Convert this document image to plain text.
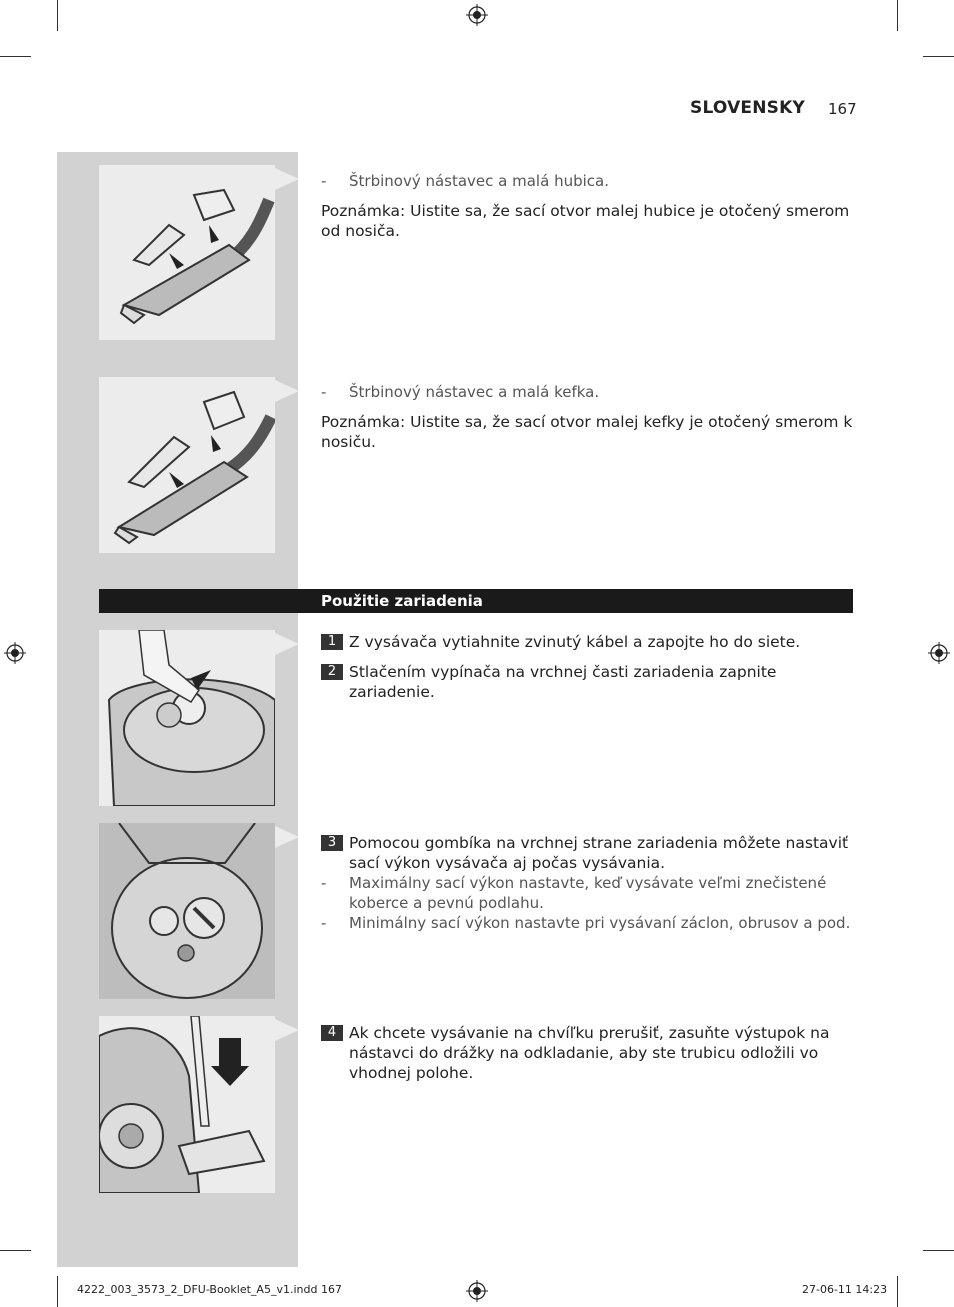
SLOVENSKY 167
-	Štrbinový nástavec a malá hubica.
Poznámka: Uistite sa, že sací otvor malej hubice je otočený smerom od nosiča.
-	Štrbinový nástavec a malá kefka.
Poznámka: Uistite sa, že sací otvor malej kefky je otočený smerom k nosiču.
Použitie zariadenia
1 Z vysávača vytiahnite zvinutý kábel a zapojte ho do siete.
2 Stlačením vypínača na vrchnej časti zariadenia zapnite zariadenie.
3 Pomocou gombíka na vrchnej strane zariadenia môžete nastaviť sací výkon vysávača aj počas vysávania.
-	Maximálny sací výkon nastavte, keď vysávate veľmi znečistené koberce a pevnú podlahu.
-	Minimálny sací výkon nastavte pri vysávaní záclon, obrusov a pod.
4 Ak chcete vysávanie na chvíľku prerušiť, zasuňte výstupok na nástavci do drážky na odkladanie, aby ste trubicu odložili vo vhodnej polohe.
4222_003_3573_2_DFU-Booklet_A5_v1.indd 167	27-06-11 14:23
